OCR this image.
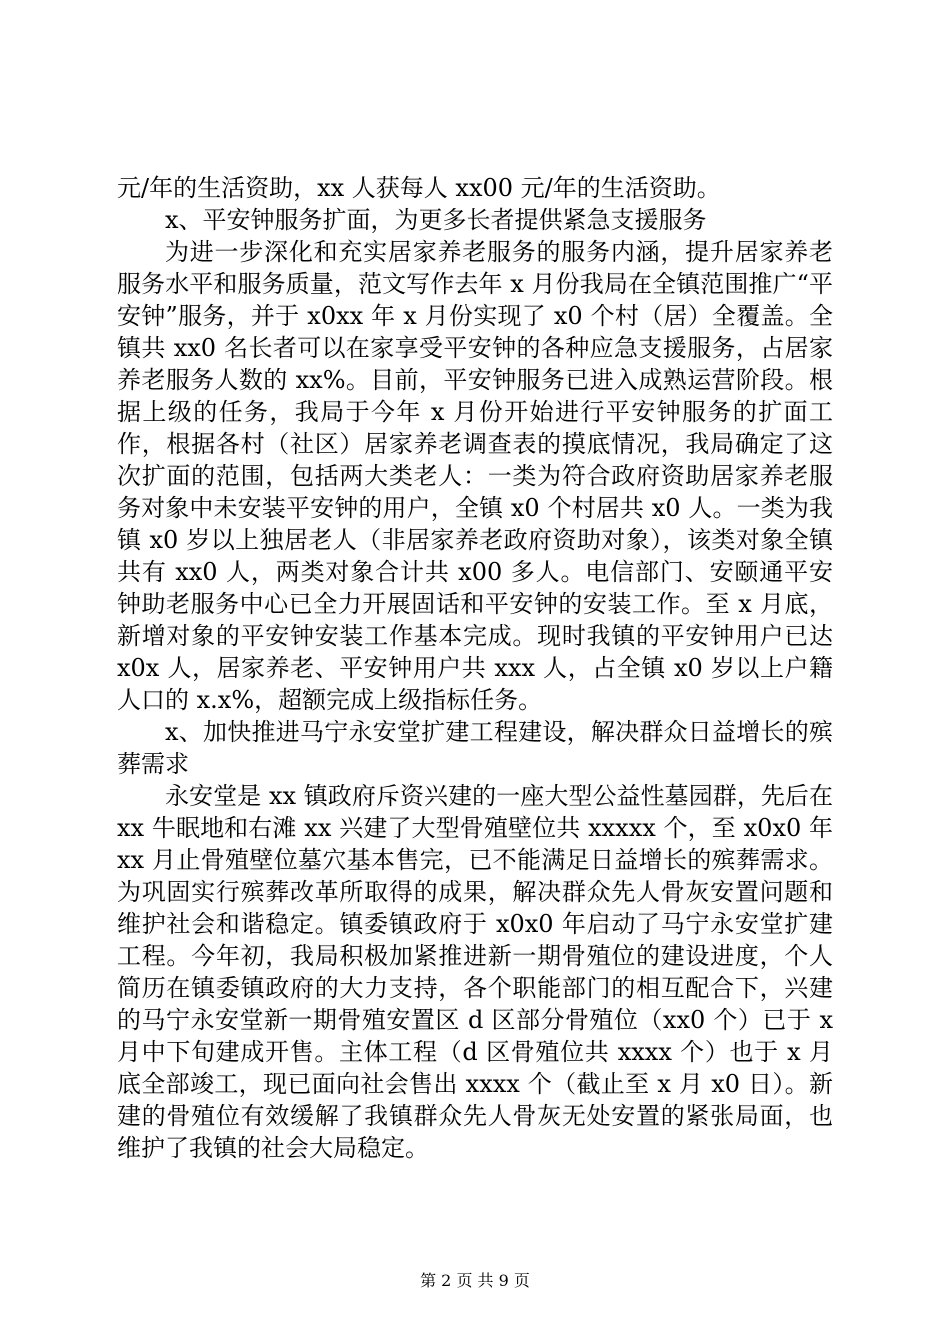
元/年的生活资助，xx 人获每人 xx00 元/年的生活资助。

x、平安钟服务扩面，为更多长者提供紧急支援服务

为进一步深化和充实居家养老服务的服务内涵，提升居家养老服务水平和服务质量，范文写作去年 x 月份我局在全镇范围推广“平安钟”服务，并于 x0xx 年 x 月份实现了 x0 个村（居）全覆盖。全镇共 xx0 名长者可以在家享受平安钟的各种应急支援服务，占居家养老服务人数的 xx%。目前，平安钟服务已进入成熟运营阶段。根据上级的任务，我局于今年 x 月份开始进行平安钟服务的扩面工作，根据各村（社区）居家养老调查表的摸底情况，我局确定了这次扩面的范围，包括两大类老人：一类为符合政府资助居家养老服务对象中未安装平安钟的用户，全镇 x0 个村居共 x0 人。一类为我镇 x0 岁以上独居老人（非居家养老政府资助对象），该类对象全镇共有 xx0 人，两类对象合计共 x00 多人。电信部门、安颐通平安钟助老服务中心已全力开展固话和平安钟的安装工作。至 x 月底，新增对象的平安钟安装工作基本完成。现时我镇的平安钟用户已达 x0x 人，居家养老、平安钟用户共 xxx 人，占全镇 x0 岁以上户籍人口的 x.x%，超额完成上级指标任务。

x、加快推进马宁永安堂扩建工程建设，解决群众日益增长的殡葬需求

永安堂是 xx 镇政府斥资兴建的一座大型公益性墓园群，先后在 xx 牛眠地和右滩 xx 兴建了大型骨殖壁位共 xxxxx 个，至 x0x0 年 xx 月止骨殖壁位墓穴基本售完，已不能满足日益增长的殡葬需求。为巩固实行殡葬改革所取得的成果，解决群众先人骨灰安置问题和维护社会和谐稳定。镇委镇政府于 x0x0 年启动了马宁永安堂扩建工程。今年初，我局积极加紧推进新一期骨殖位的建设进度，个人简历在镇委镇政府的大力支持，各个职能部门的相互配合下，兴建的马宁永安堂新一期骨殖安置区 d 区部分骨殖位（xx0 个）已于 x 月中下旬建成开售。主体工程（d 区骨殖位共 xxxx 个）也于 x 月底全部竣工，现已面向社会售出 xxxx 个（截止至 x 月 x0 日）。新建的骨殖位有效缓解了我镇群众先人骨灰无处安置的紧张局面，也维护了我镇的社会大局稳定。

第 2 页 共 9 页
